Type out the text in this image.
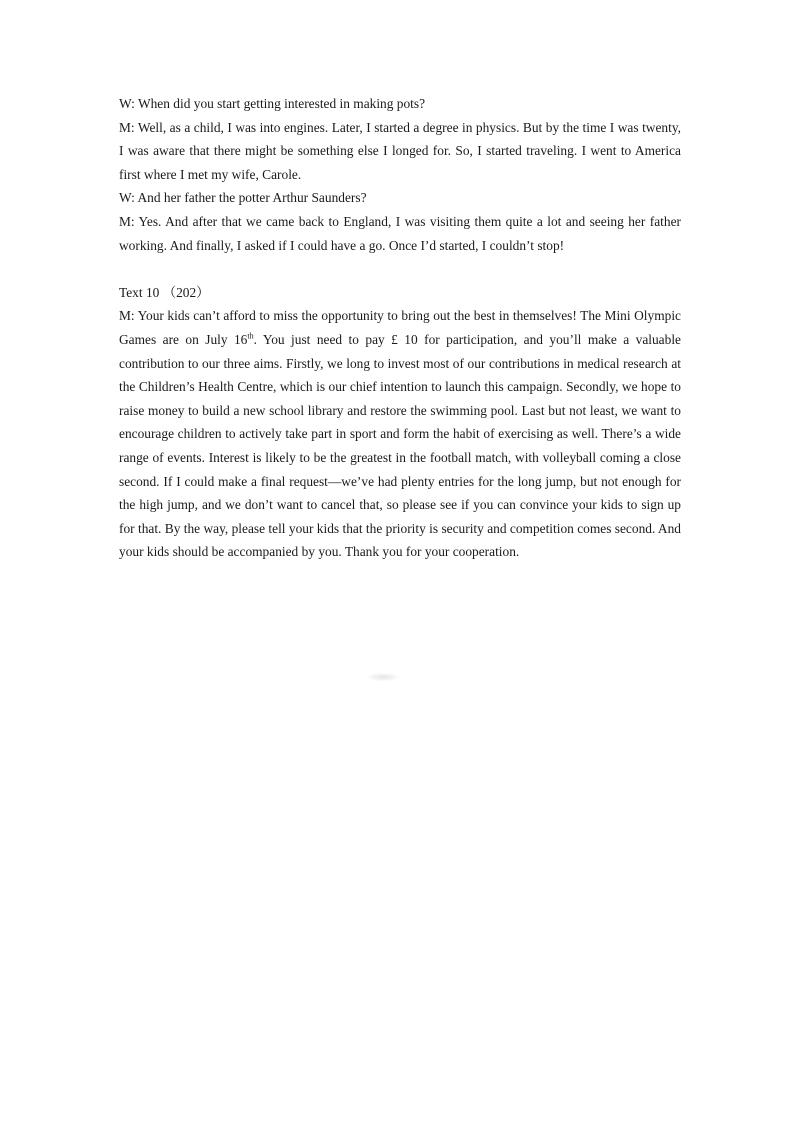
W: When did you start getting interested in making pots?

M: Well, as a child, I was into engines. Later, I started a degree in physics. But by the time I was twenty, I was aware that there might be something else I longed for. So, I started traveling. I went to America first where I met my wife, Carole.

W: And her father the potter Arthur Saunders?

M: Yes. And after that we came back to England, I was visiting them quite a lot and seeing her father working. And finally, I asked if I could have a go. Once I’d started, I couldn’t stop!

Text 10 （202）

M: Your kids can’t afford to miss the opportunity to bring out the best in themselves! The Mini Olympic Games are on July 16th. You just need to pay £ 10 for participation, and you’ll make a valuable contribution to our three aims. Firstly, we long to invest most of our contributions in medical research at the Children’s Health Centre, which is our chief intention to launch this campaign. Secondly, we hope to raise money to build a new school library and restore the swimming pool. Last but not least, we want to encourage children to actively take part in sport and form the habit of exercising as well. There’s a wide range of events. Interest is likely to be the greatest in the football match, with volleyball coming a close second. If I could make a final request—we’ve had plenty entries for the long jump, but not enough for the high jump, and we don’t want to cancel that, so please see if you can convince your kids to sign up for that. By the way, please tell your kids that the priority is security and competition comes second. And your kids should be accompanied by you. Thank you for your cooperation.
